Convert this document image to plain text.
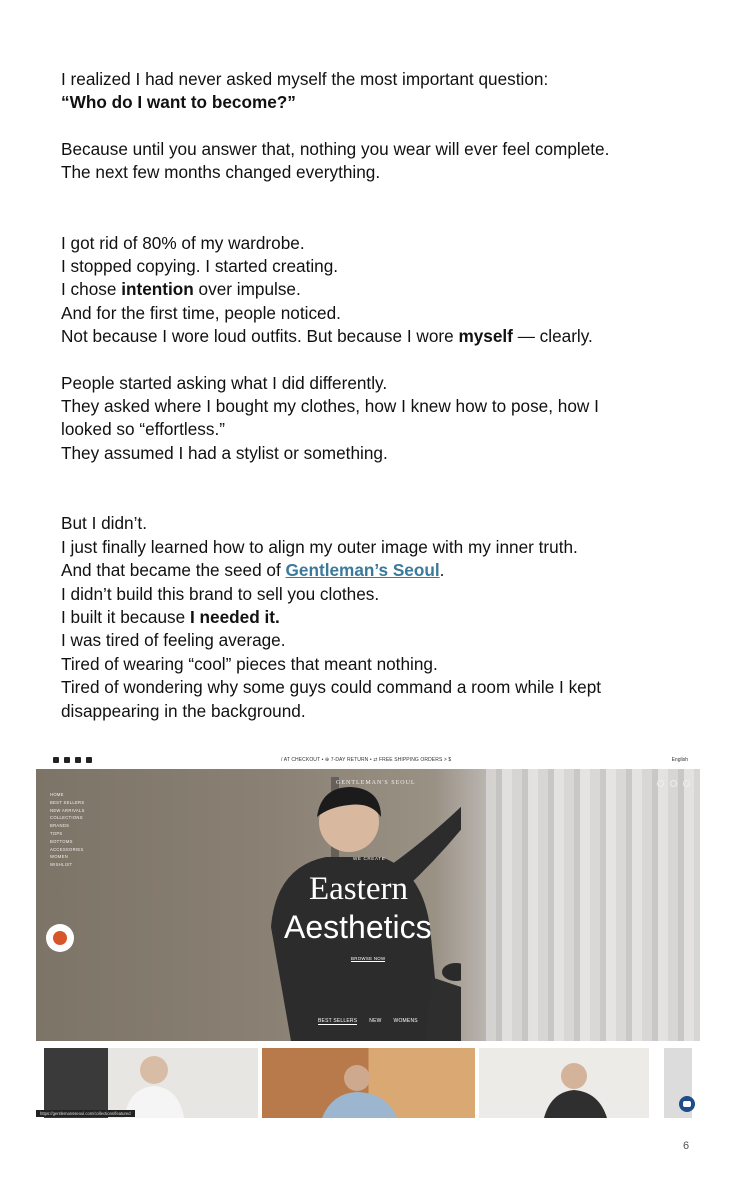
I realized I had never asked myself the most important question:

“Who do I want to become?”

Because until you answer that, nothing you wear will ever feel complete.

The next few months changed everything.

I got rid of 80% of my wardrobe.

I stopped copying. I started creating.

I chose intention over impulse.

And for the first time, people noticed.

Not because I wore loud outfits. But because I wore myself — clearly.

People started asking what I did differently.

They asked where I bought my clothes, how I knew how to pose, how I

looked so “effortless.”

They assumed I had a stylist or something.

But I didn’t.

I just finally learned how to align my outer image with my inner truth.

And that became the seed of Gentleman’s Seoul.

I didn’t build this brand to sell you clothes.

I built it because I needed it.

I was tired of feeling average.

Tired of wearing “cool” pieces that meant nothing.

Tired of wondering why some guys could command a room while I kept

disappearing in the background.

/ AT CHECKOUT • ⊕ 7-DAY RETURN • ⇄ FREE SHIPPING ORDERS > $	English
HOME
BEST SELLERS
NEW ARRIVALS
COLLECTIONS
BRANDS
TOPS
BOTTOMS
ACCESSORIES
WOMEN
WISHLIST
GENTLEMAN'S SEOUL
WE CREATE
Eastern
Aesthetics
BROWSE NOW
BEST SELLERS NEW WOMENS
https://gentlemansseoul.com/collections/featured
6
